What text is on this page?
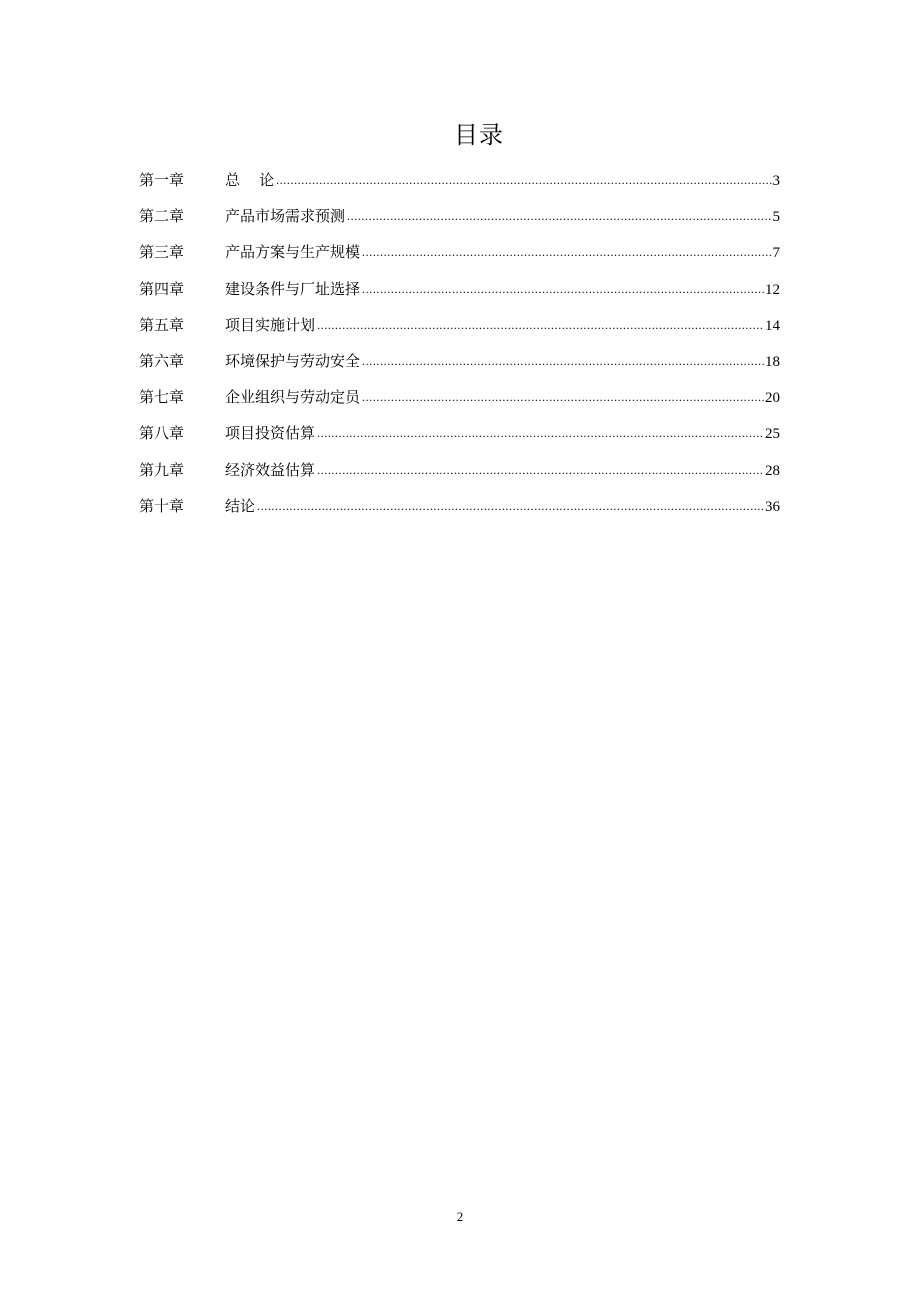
目录
第一章	总    论 .....	3
第二章	产品市场需求预测 .....	5
第三章	产品方案与生产规模 .....	7
第四章	建设条件与厂址选择 .....	12
第五章	项目实施计划 .....	14
第六章	环境保护与劳动安全 .....	18
第七章	企业组织与劳动定员 .....	20
第八章	项目投资估算 .....	25
第九章	经济效益估算 .....	28
第十章	结论 .....	36
2
